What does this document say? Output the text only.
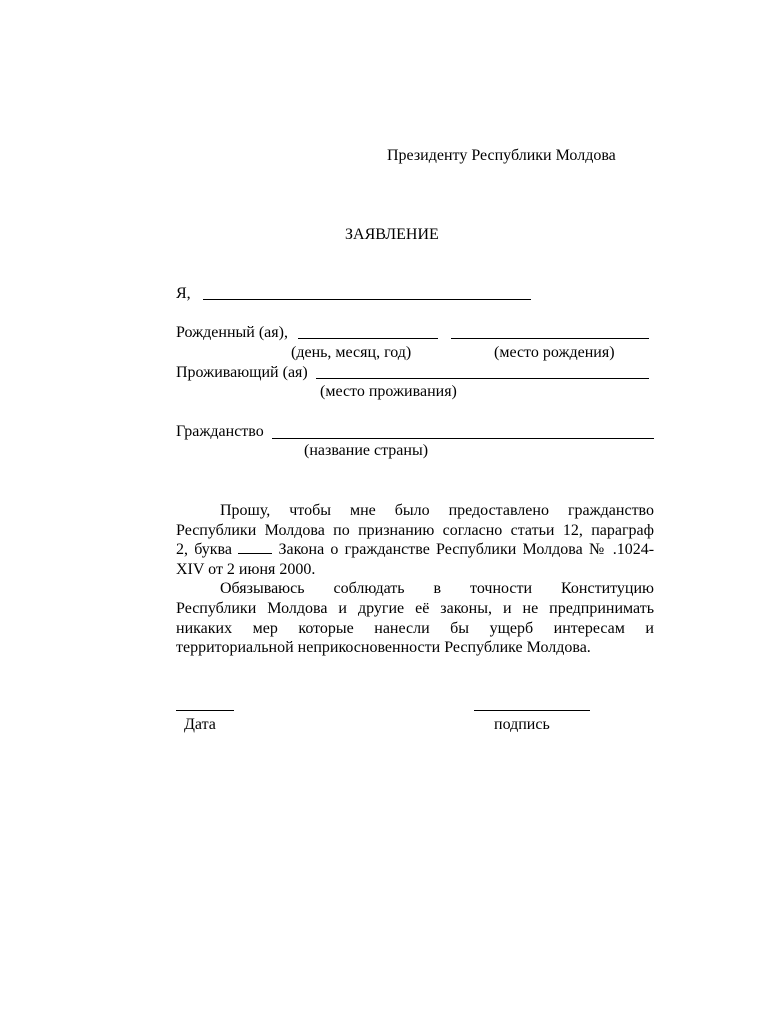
Президенту Республики Молдова
ЗАЯВЛЕНИЕ
Я,
Рожденный (ая),
(день, месяц, год)	(место рождения)
Проживающий (ая)
(место проживания)
Гражданство
(название страны)
Прошу, чтобы мне было предоставлено гражданство
Республики Молдова по признанию согласно статьи 12, параграф
2, буква	Закона о гражданстве Республики Молдова № .1024-
XIV от 2 июня 2000.
Обязываюсь соблюдать в точности Конституцию
Республики Молдова и другие её законы, и не предпринимать
никаких мер которые нанесли бы ущерб интересам и
территориальной неприкосновенности Республике Молдова.
Дата	подпись
